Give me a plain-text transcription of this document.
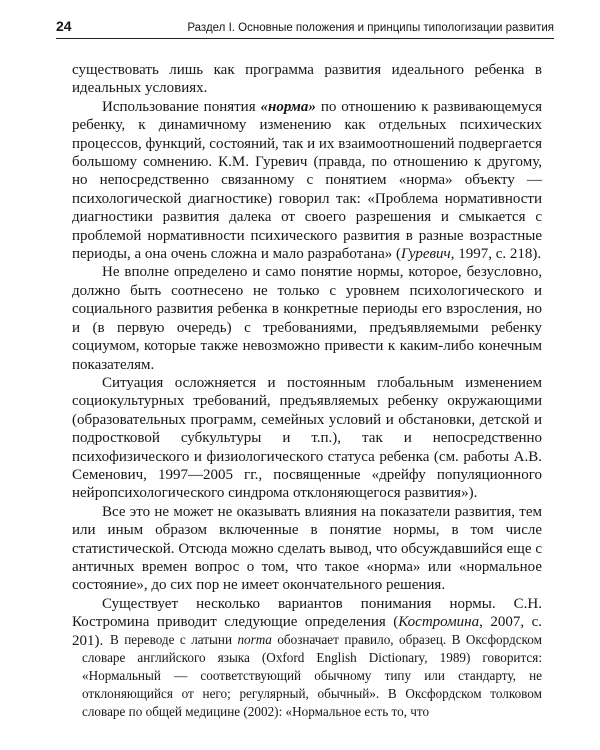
24	Раздел I. Основные положения и принципы типологизации развития

существовать лишь как программа развития идеального ребенка в идеальных условиях.

Использование понятия «норма» по отношению к развивающемуся ребенку, к динамичному изменению как отдельных психических процессов, функций, состояний, так и их взаимоотношений подвергается большому сомнению. К.М. Гуревич (правда, по отношению к другому, но непосредственно связанному с понятием «норма» объекту — психологической диагностике) говорил так: «Проблема нормативности диагностики развития далека от своего разрешения и смыкается с проблемой нормативности психического развития в разные возрастные периоды, а она очень сложна и мало разработана» (Гуревич, 1997, с. 218).

Не вполне определено и само понятие нормы, которое, безусловно, должно быть соотнесено не только с уровнем психологического и социального развития ребенка в конкретные периоды его взросления, но и (в первую очередь) с требованиями, предъявляемыми ребенку социумом, которые также невозможно привести к каким-либо конечным показателям.

Ситуация осложняется и постоянным глобальным изменением социокультурных требований, предъявляемых ребенку окружающими (образовательных программ, семейных условий и обстановки, детской и подростковой субкультуры и т.п.), так и непосредственно психофизического и физиологического статуса ребенка (см. работы А.В. Семенович, 1997—2005 гг., посвященные «дрейфу популяционного нейропсихологического синдрома отклоняющегося развития»).

Все это не может не оказывать влияния на показатели развития, тем или иным образом включенные в понятие нормы, в том числе статистической. Отсюда можно сделать вывод, что обсуждавшийся еще с античных времен вопрос о том, что такое «норма» или «нормальное состояние», до сих пор не имеет окончательного решения.

Существует несколько вариантов понимания нормы. С.Н. Костромина приводит следующие определения (Костромина, 2007, с. 201). В переводе с латыни norma обозначает правило, образец. В Оксфордском словаре английского языка (Oxford English Dictionary, 1989) говорится: «Нормальный — соответствующий обычному типу или стандарту, не отклоняющийся от него; регулярный, обычный». В Оксфордском толковом словаре по общей медицине (2002): «Нормальное есть то, что
